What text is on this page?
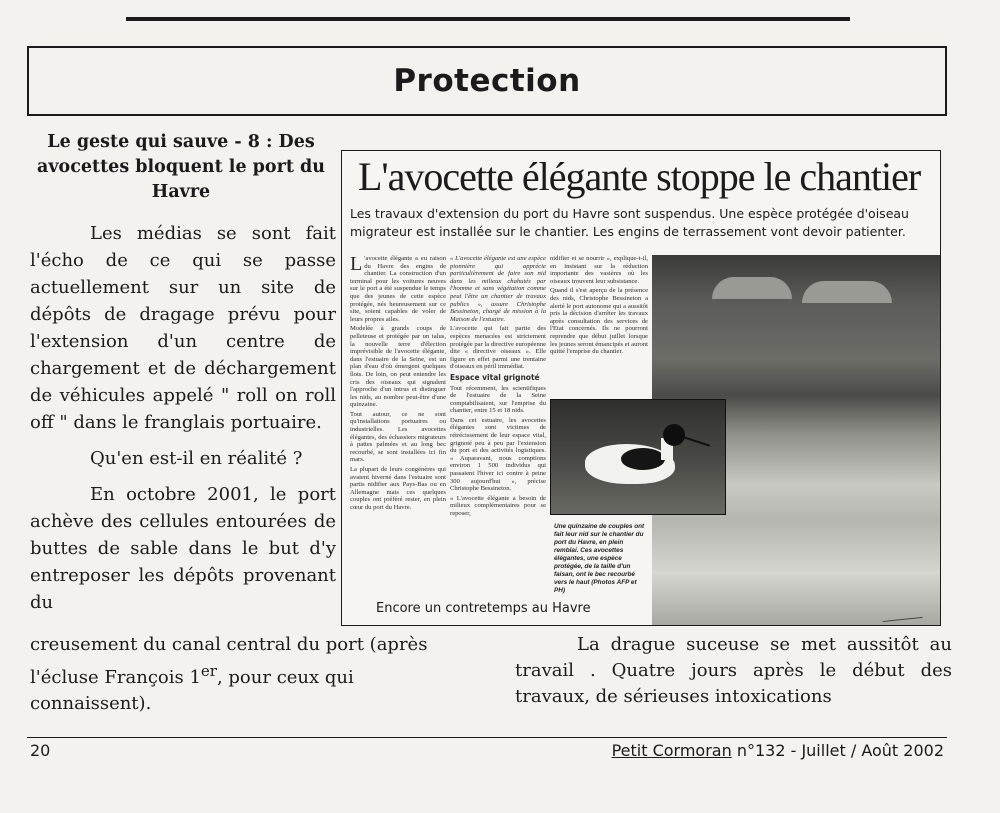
Protection
Le geste qui sauve - 8 : Des avocettes bloquent le port du Havre

Les médias se sont fait l'écho de ce qui se passe actuellement sur un site de dépôts de dragage prévu pour l'extension d'un centre de chargement et de déchargement de véhicules appelé " roll on roll off " dans le franglais portuaire.

Qu'en est-il en réalité ?

En octobre 2001, le port achève des cellules entourées de buttes de sable dans le but d'y entreposer les dépôts provenant du

L'avocette élégante stoppe le chantier
Les travaux d'extension du port du Havre sont suspendus. Une espèce protégée d'oiseau
migrateur est installée sur le chantier. Les engins de terrassement vont devoir patienter.

L 'avocette élégante a eu raison du Havre des engins de chantier. La construction d'un terminal pour les voitures neuves sur le port a été suspendue le temps que des jeunes de cette espèce protégée, nés heureusement sur ce site, soient capables de voler de leurs propres ailes.

Modelée à grands coups de pelleteuse et protégée par un talus, la nouvelle terre d'élection imprévisible de l'avocette élégante, dans l'estuaire de la Seine, est un plan d'eau d'où émergent quelques îlots. De loin, on peut entendre les cris des oiseaux qui signalent l'approche d'un intrus et distinguer les nids, au nombre peut-être d'une quinzaine.

Tout autour, ce ne sont qu'installations portuaires ou industrielles. Les avocettes élégantes, des échassiers migrateurs à pattes palmées et au long bec recourbé, se sont installées ici fin mars.

La plupart de leurs congénères qui avaient hiverné dans l'estuaire sont partis nidifier aux Pays-Bas ou en Allemagne mais ces quelques couples ont préféré rester, en plein cœur du port du Havre.

« L'avocette élégante est une espèce pionnière qui apprécie particulièrement de faire son nid dans les milieux chahutés par l'homme et sans végétation comme peut l'être un chantier de travaux publics », assure Christophe Bessineton, chargé de mission à la Maison de l'estuaire.

L'avocette qui fait partie des espèces menacées est strictement protégée par la directive européenne dite « directive oiseaux ». Elle figure en effet parmi une trentaine d'oiseaux en péril immédiat.

Espace vital grignoté

Tout récemment, les scientifiques de l'estuaire de la Seine comptabilisaient, sur l'emprise du chantier, entre 15 et 18 nids.

Dans cet estuaire, les avocettes élégantes sont victimes de rétrécissement de leur espace vital, grignoté peu à peu par l'extension du port et des activités logistiques. « Auparavant, nous comptions environ 1 500 individus qui passaient l'hiver ici contre à peine 300 aujourd'hui », précise Christophe Bessineton.

« L'avocette élégante a besoin de milieux complémentaires pour se reposer,

nidifier et se nourrir », explique-t-il, en insistant sur la réduction importante des vasières où les oiseaux trouvent leur subsistance.

Quand il s'est aperçu de la présence des nids, Christophe Bessineton a alerté le port autonome qui a aussitôt pris la décision d'arrêter les travaux après consultation des services de l'Etat concernés. Ils ne pourront reprendre que début juillet lorsque les jeunes seront émancipés et auront quitté l'emprise du chantier.

Une quinzaine de couples ont fait leur nid sur le chantier du port du Havre, en plein remblai. Ces avocettes élégantes, une espèce protégée, de la taille d'un faisan, ont le bec recourbé vers le haut (Photos AFP et PH)
Encore un contretemps au Havre

creusement du canal central du port (après l'écluse François 1er, pour ceux qui connaissent).

La drague suceuse se met aussitôt au travail . Quatre jours après le début des travaux, de sérieuses intoxications

20	Petit Cormoran n°132 - Juillet / Août 2002
